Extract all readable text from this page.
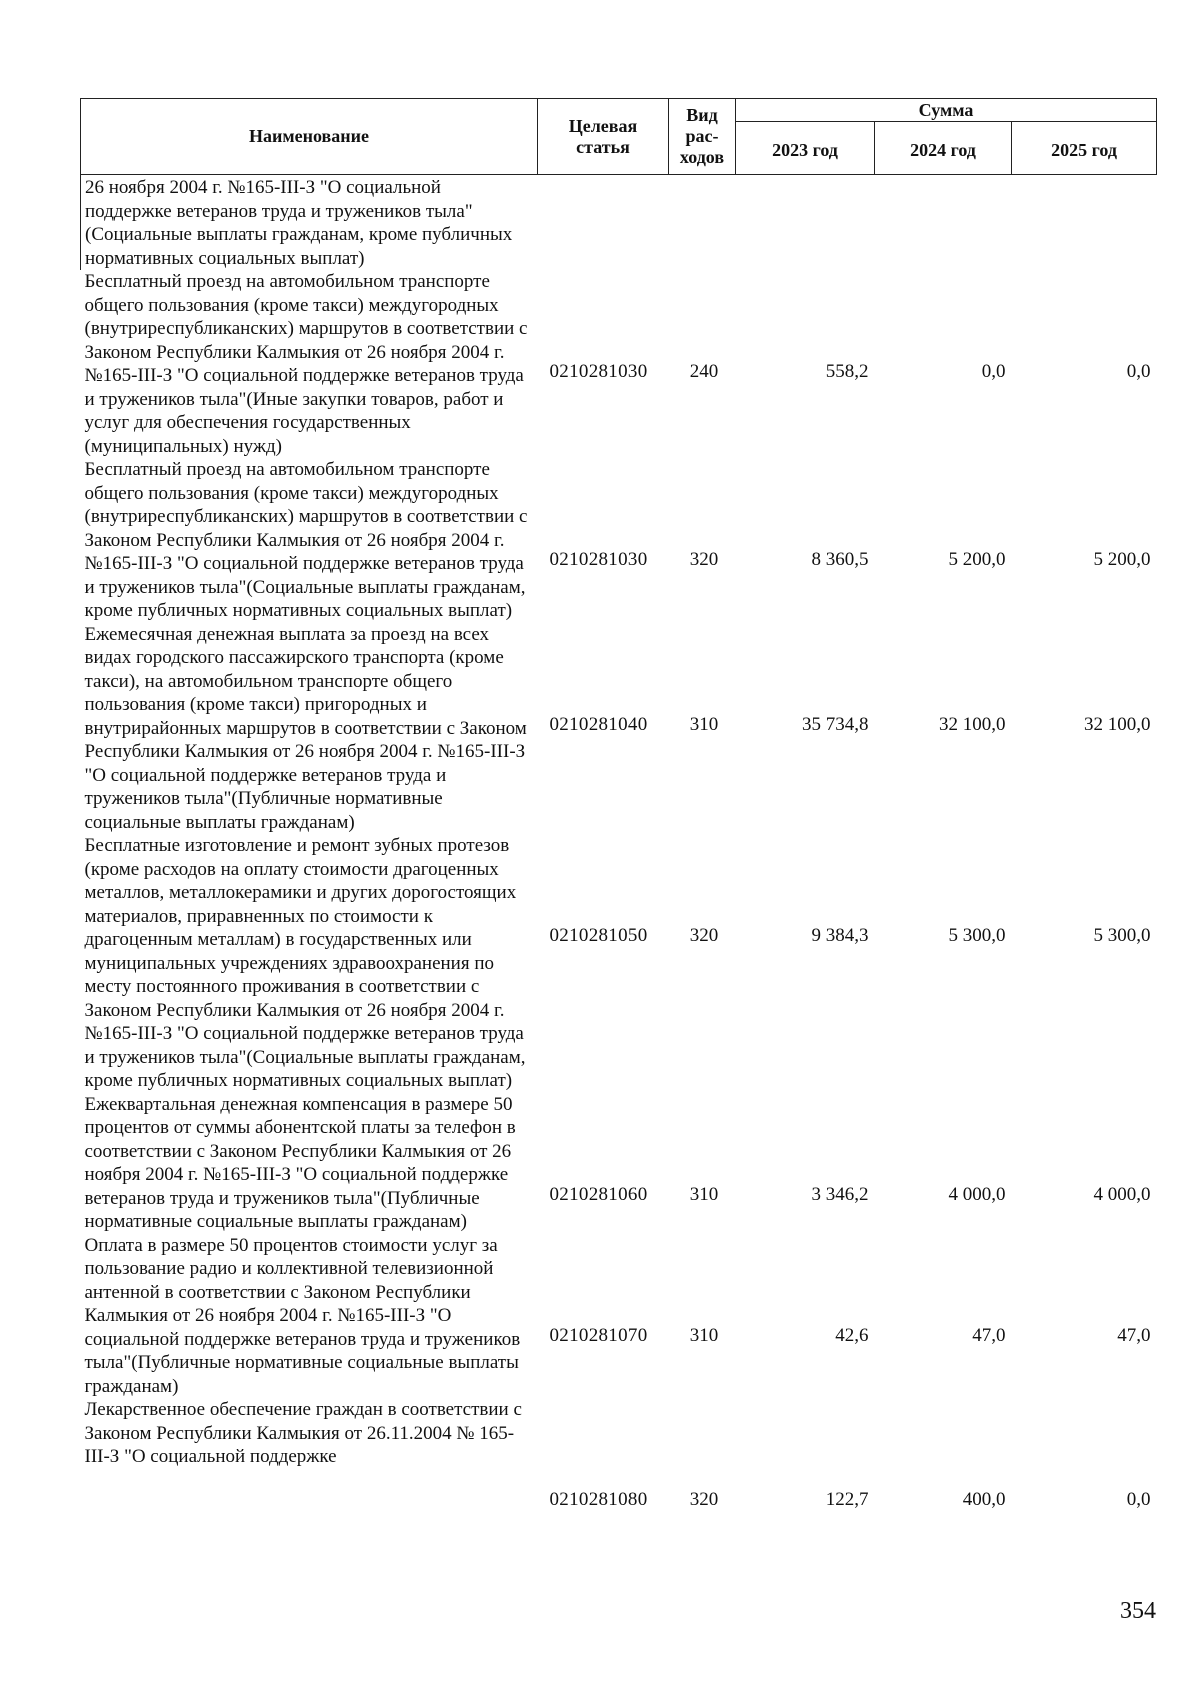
Наименование	Целевая статья	Вид рас- ходов	Сумма		
			2023 год	2024 год	2025 год
26 ноября 2004 г. №165-III-З "О социальной поддержке ветеранов труда и тружеников тыла"(Социальные выплаты гражданам, кроме публичных нормативных социальных выплат)					
Бесплатный проезд на автомобильном транспорте общего пользования (кроме такси) междугородных (внутриреспубликанских) маршрутов в соответствии с Законом Республики Калмыкия от 26 ноября 2004 г. №165-III-З "О социальной поддержке ветеранов труда и тружеников тыла"(Иные закупки товаров, работ и услуг для обеспечения государственных (муниципальных) нужд)	0210281030	240	558,2	0,0	0,0
Бесплатный проезд на автомобильном транспорте общего пользования (кроме такси) междугородных (внутриреспубликанских) маршрутов в соответствии с Законом Республики Калмыкия от 26 ноября 2004 г. №165-III-З "О социальной поддержке ветеранов труда и тружеников тыла"(Социальные выплаты гражданам, кроме публичных нормативных социальных выплат)	0210281030	320	8 360,5	5 200,0	5 200,0
Ежемесячная денежная выплата за проезд на всех видах городского пассажирского транспорта (кроме такси), на автомобильном транспорте общего пользования (кроме такси) пригородных и внутрирайонных маршрутов в соответствии с Законом Республики Калмыкия от 26 ноября 2004 г. №165-III-З "О социальной поддержке ветеранов труда и тружеников тыла"(Публичные нормативные социальные выплаты гражданам)	0210281040	310	35 734,8	32 100,0	32 100,0
Бесплатные изготовление и ремонт зубных протезов (кроме расходов на оплату стоимости драгоценных металлов, металлокерамики и других дорогостоящих материалов, приравненных по стоимости к драгоценным металлам) в государственных или муниципальных учреждениях здравоохранения по месту постоянного проживания в соответствии с Законом Республики Калмыкия от 26 ноября 2004 г. №165-III-З "О социальной поддержке ветеранов труда и тружеников тыла"(Социальные выплаты гражданам, кроме публичных нормативных социальных выплат)	0210281050	320	9 384,3	5 300,0	5 300,0
Ежеквартальная денежная компенсация в размере 50 процентов от суммы абонентской платы за телефон в соответствии с Законом Республики Калмыкия от 26 ноября 2004 г. №165-III-З "О социальной поддержке ветеранов труда и тружеников тыла"(Публичные нормативные социальные выплаты гражданам)	0210281060	310	3 346,2	4 000,0	4 000,0
Оплата в размере 50 процентов стоимости услуг за пользование радио и коллективной телевизионной антенной в соответствии с Законом Республики Калмыкия от 26 ноября 2004 г. №165-III-З "О социальной поддержке ветеранов труда и тружеников тыла"(Публичные нормативные социальные выплаты гражданам)	0210281070	310	42,6	47,0	47,0
Лекарственное обеспечение граждан в соответствии с Законом Республики Калмыкия от 26.11.2004 № 165-III-З "О социальной поддержке	0210281080	320	122,7	400,0	0,0
354
